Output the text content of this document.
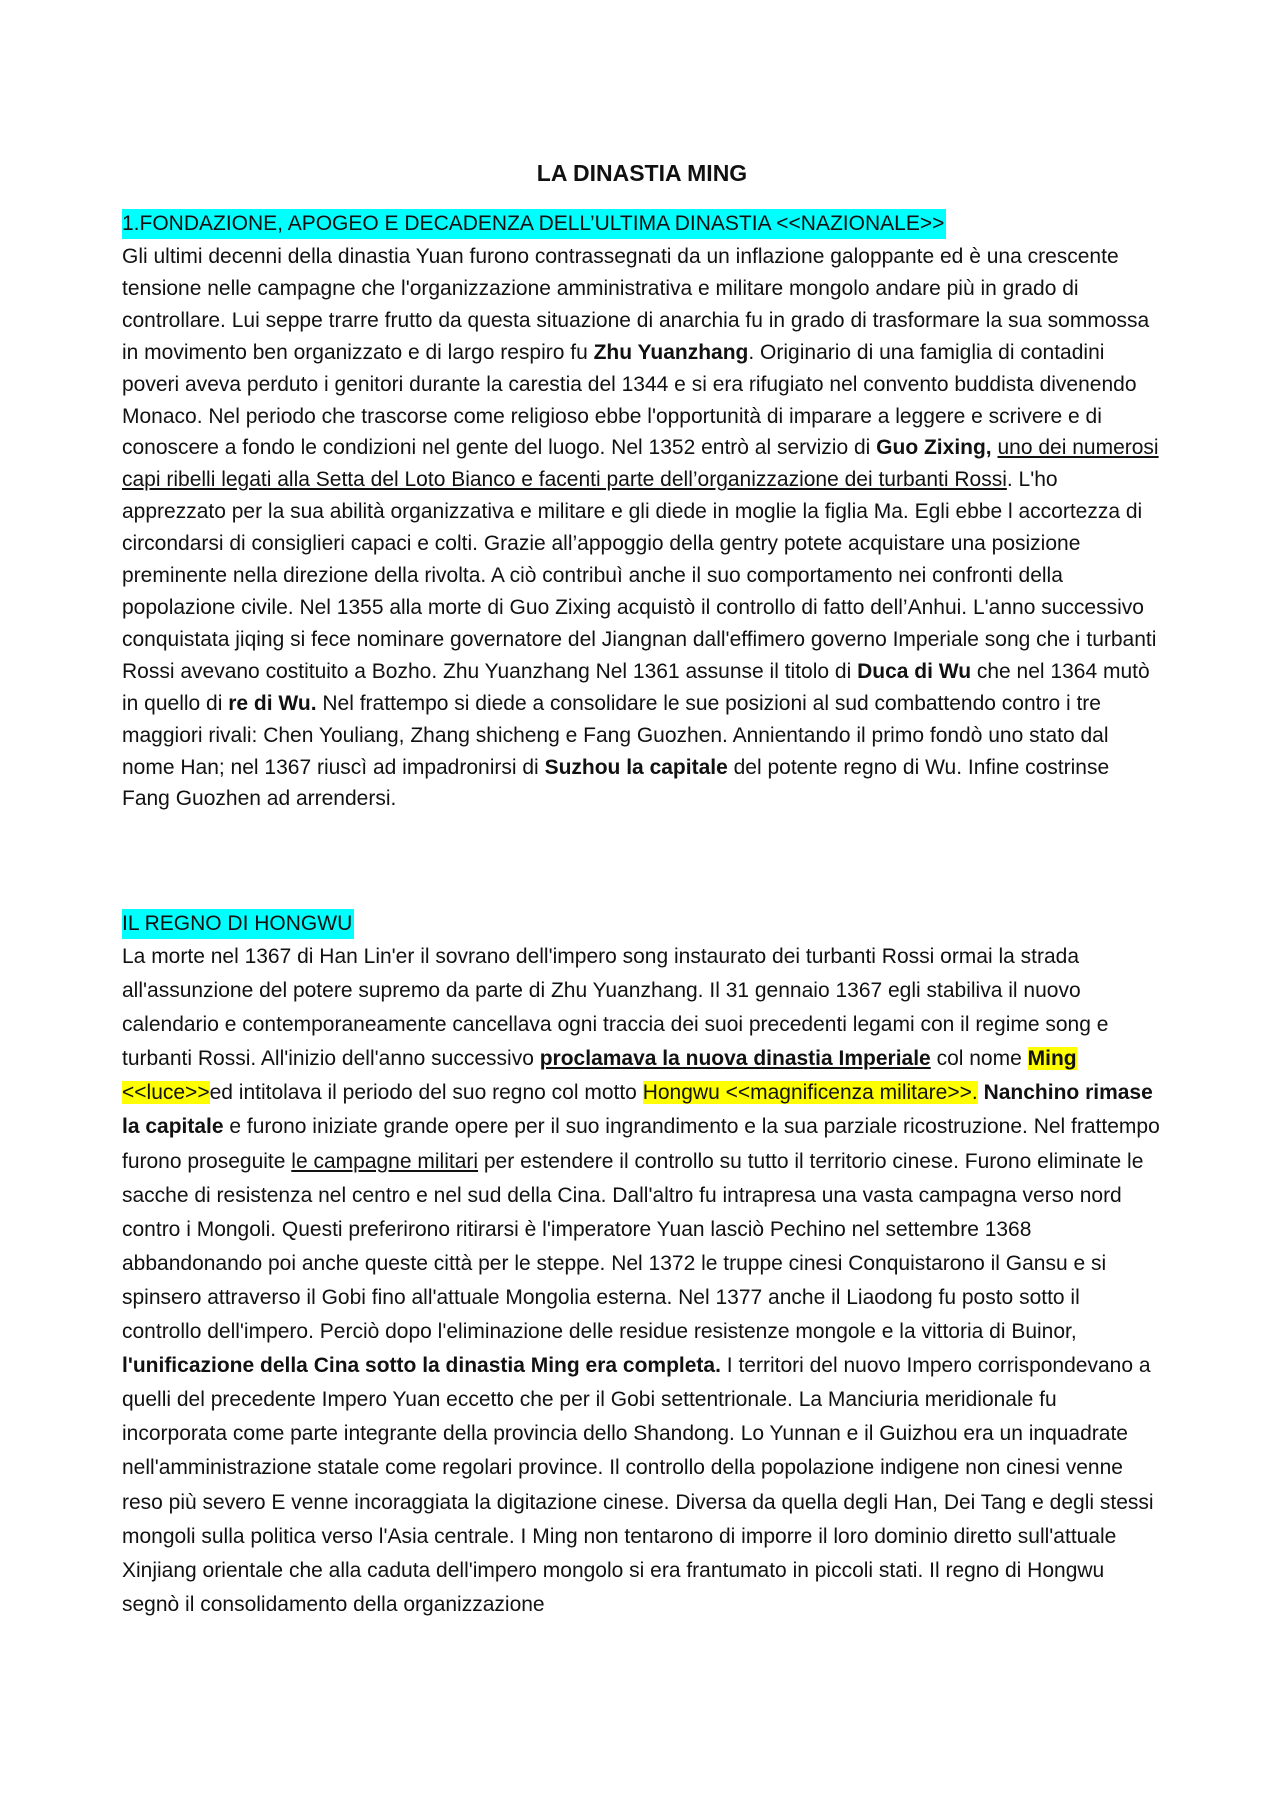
LA DINASTIA MING
1.FONDAZIONE, APOGEO E DECADENZA DELL’ULTIMA DINASTIA <<NAZIONALE>>

Gli ultimi decenni della dinastia Yuan furono contrassegnati da un inflazione galoppante ed è una crescente tensione nelle campagne che l'organizzazione amministrativa e militare mongolo andare più in grado di controllare. Lui seppe trarre frutto da questa situazione di anarchia fu in grado di trasformare la sua sommossa in movimento ben organizzato e di largo respiro fu Zhu Yuanzhang. Originario di una famiglia di contadini poveri aveva perduto i genitori durante la carestia del 1344 e si era rifugiato nel convento buddista divenendo Monaco. Nel periodo che trascorse come religioso ebbe l'opportunità di imparare a leggere e scrivere e di conoscere a fondo le condizioni nel gente del luogo. Nel 1352 entrò al servizio di Guo Zixing, uno dei numerosi capi ribelli legati alla Setta del Loto Bianco e facenti parte dell’organizzazione dei turbanti Rossi. L'ho apprezzato per la sua abilità organizzativa e militare e gli diede in moglie la figlia Ma. Egli ebbe l accortezza di circondarsi di consiglieri capaci e colti. Grazie all’appoggio della gentry potete acquistare una posizione preminente nella direzione della rivolta. A ciò contribuì anche il suo comportamento nei confronti della popolazione civile. Nel 1355 alla morte di Guo Zixing acquistò il controllo di fatto dell’Anhui. L'anno successivo conquistata jiqing si fece nominare governatore del Jiangnan dall'effimero governo Imperiale song che i turbanti Rossi avevano costituito a Bozho. Zhu Yuanzhang Nel 1361 assunse il titolo di Duca di Wu che nel 1364 mutò in quello di re di Wu. Nel frattempo si diede a consolidare le sue posizioni al sud combattendo contro i tre maggiori rivali: Chen Youliang, Zhang shicheng e Fang Guozhen. Annientando il primo fondò uno stato dal nome Han; nel 1367 riuscì ad impadronirsi di Suzhou la capitale del potente regno di Wu. Infine costrinse Fang Guozhen ad arrendersi.

IL REGNO DI HONGWU

La morte nel 1367 di Han Lin'er il sovrano dell'impero song instaurato dei turbanti Rossi ormai la strada all'assunzione del potere supremo da parte di Zhu Yuanzhang. Il 31 gennaio 1367 egli stabiliva il nuovo calendario e contemporaneamente cancellava ogni traccia dei suoi precedenti legami con il regime song e turbanti Rossi. All'inizio dell'anno successivo proclamava la nuova dinastia Imperiale col nome Ming <<luce>>ed intitolava il periodo del suo regno col motto Hongwu <<magnificenza militare>>. Nanchino rimase la capitale e furono iniziate grande opere per il suo ingrandimento e la sua parziale ricostruzione. Nel frattempo furono proseguite le campagne militari per estendere il controllo su tutto il territorio cinese. Furono eliminate le sacche di resistenza nel centro e nel sud della Cina. Dall'altro fu intrapresa una vasta campagna verso nord contro i Mongoli. Questi preferirono ritirarsi è l'imperatore Yuan lasciò Pechino nel settembre 1368 abbandonando poi anche queste città per le steppe. Nel 1372 le truppe cinesi Conquistarono il Gansu e si spinsero attraverso il Gobi fino all'attuale Mongolia esterna. Nel 1377 anche il Liaodong fu posto sotto il controllo dell'impero. Perciò dopo l'eliminazione delle residue resistenze mongole e la vittoria di Buinor, l'unificazione della Cina sotto la dinastia Ming era completa. I territori del nuovo Impero corrispondevano a quelli del precedente Impero Yuan eccetto che per il Gobi settentrionale. La Manciuria meridionale fu incorporata come parte integrante della provincia dello Shandong. Lo Yunnan e il Guizhou era un inquadrate nell'amministrazione statale come regolari province. Il controllo della popolazione indigene non cinesi venne reso più severo E venne incoraggiata la digitazione cinese. Diversa da quella degli Han, Dei Tang e degli stessi mongoli sulla politica verso l'Asia centrale. I Ming non tentarono di imporre il loro dominio diretto sull'attuale Xinjiang orientale che alla caduta dell'impero mongolo si era frantumato in piccoli stati. Il regno di Hongwu segnò il consolidamento della organizzazione
